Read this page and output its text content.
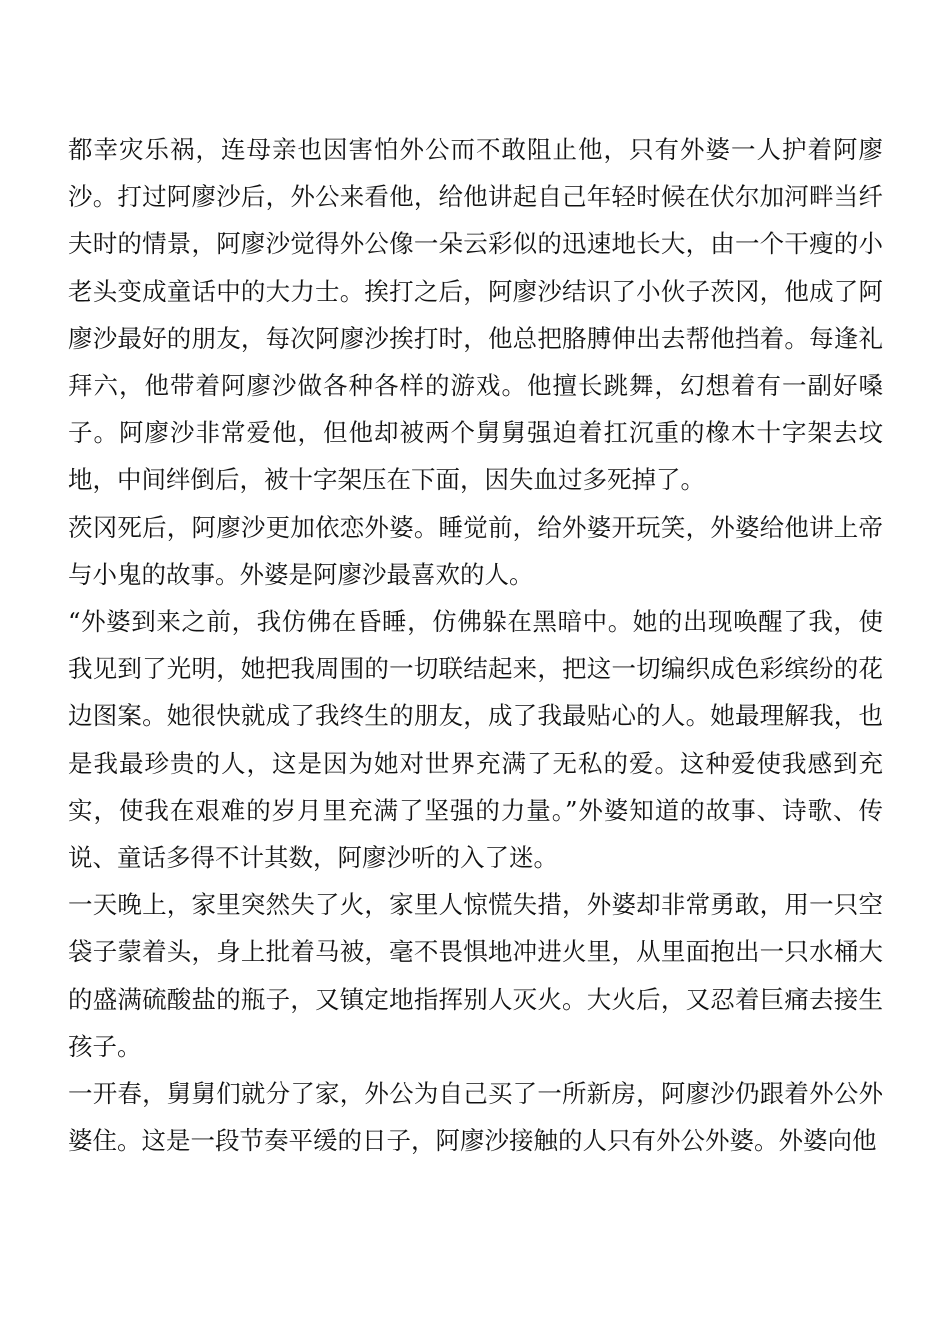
都幸灾乐祸，连母亲也因害怕外公而不敢阻止他，只有外婆一人护着阿廖沙。打过阿廖沙后，外公来看他，给他讲起自己年轻时候在伏尔加河畔当纤夫时的情景，阿廖沙觉得外公像一朵云彩似的迅速地长大，由一个干瘦的小老头变成童话中的大力士。挨打之后，阿廖沙结识了小伙子茨冈，他成了阿廖沙最好的朋友，每次阿廖沙挨打时，他总把胳膊伸出去帮他挡着。每逢礼拜六，他带着阿廖沙做各种各样的游戏。他擅长跳舞，幻想着有一副好嗓子。阿廖沙非常爱他，但他却被两个舅舅强迫着扛沉重的橡木十字架去坟地，中间绊倒后，被十字架压在下面，因失血过多死掉了。

茨冈死后，阿廖沙更加依恋外婆。睡觉前，给外婆开玩笑，外婆给他讲上帝与小鬼的故事。外婆是阿廖沙最喜欢的人。

“外婆到来之前，我仿佛在昏睡，仿佛躲在黑暗中。她的出现唤醒了我，使我见到了光明，她把我周围的一切联结起来，把这一切编织成色彩缤纷的花边图案。她很快就成了我终生的朋友，成了我最贴心的人。她最理解我，也是我最珍贵的人，这是因为她对世界充满了无私的爱。这种爱使我感到充实，使我在艰难的岁月里充满了坚强的力量。”外婆知道的故事、诗歌、传说、童话多得不计其数，阿廖沙听的入了迷。

一天晚上，家里突然失了火，家里人惊慌失措，外婆却非常勇敢，用一只空袋子蒙着头，身上批着马被，毫不畏惧地冲进火里，从里面抱出一只水桶大的盛满硫酸盐的瓶子，又镇定地指挥别人灭火。大火后，又忍着巨痛去接生孩子。

一开春，舅舅们就分了家，外公为自己买了一所新房，阿廖沙仍跟着外公外婆住。这是一段节奏平缓的日子，阿廖沙接触的人只有外公外婆。外婆向他
